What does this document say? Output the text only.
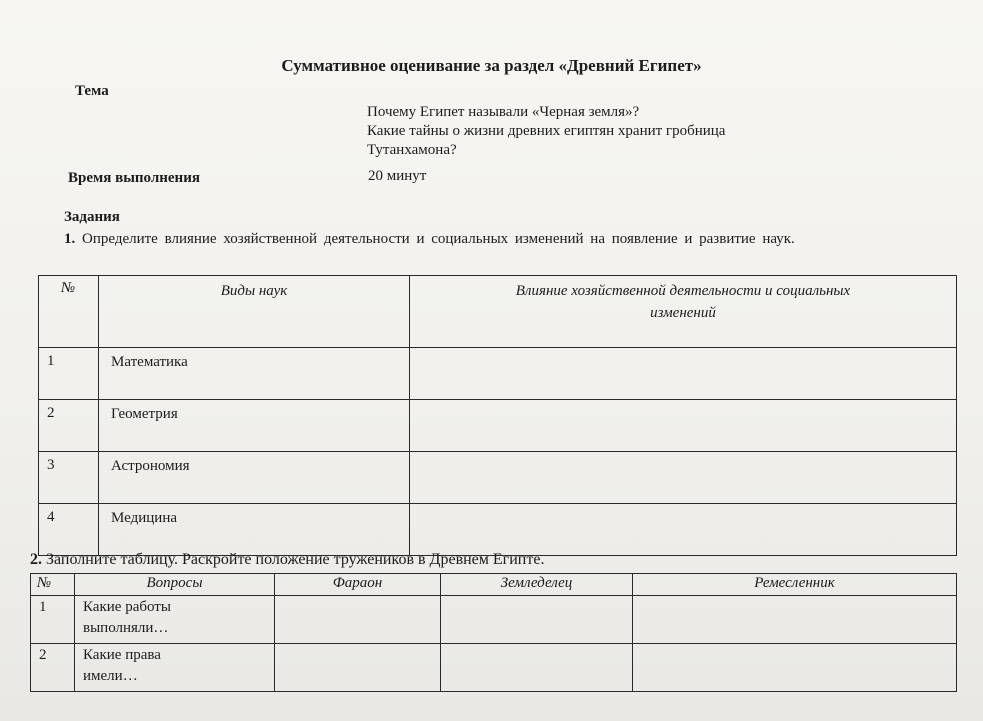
Суммативное оценивание за раздел «Древний Египет»
Тема
Почему Египет называли «Черная земля»?
Какие тайны о жизни древних египтян хранит гробница
Тутанхамона?
Время выполнения	20 минут
Задания
1. Определите влияние хозяйственной деятельности и социальных изменений на появление и развитие наук.
№	Виды наук	Влияние хозяйственной деятельности и социальных
изменений

1	Математика	
2	Геометрия	
3	Астрономия	
4	Медицина	
2. Заполните таблицу. Раскройте положение тружеников в Древнем Египте.
№	Вопросы	Фараон	Земледелец	Ремесленник
1	Какие работы
выполняли…			

2	Какие права
имели…			
